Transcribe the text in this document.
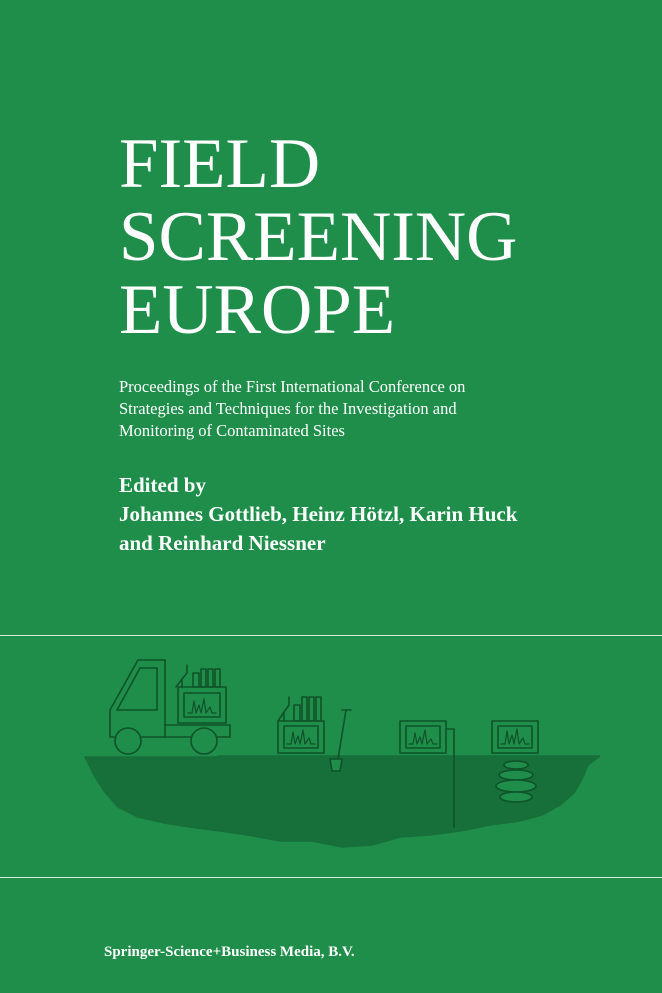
FIELD
SCREENING
EUROPE
Proceedings of the First International Conference on
Strategies and Techniques for the Investigation and
Monitoring of Contaminated Sites
Edited by
Johannes Gottlieb, Heinz Hötzl, Karin Huck
and Reinhard Niessner
Springer-Science+Business Media, B.V.
